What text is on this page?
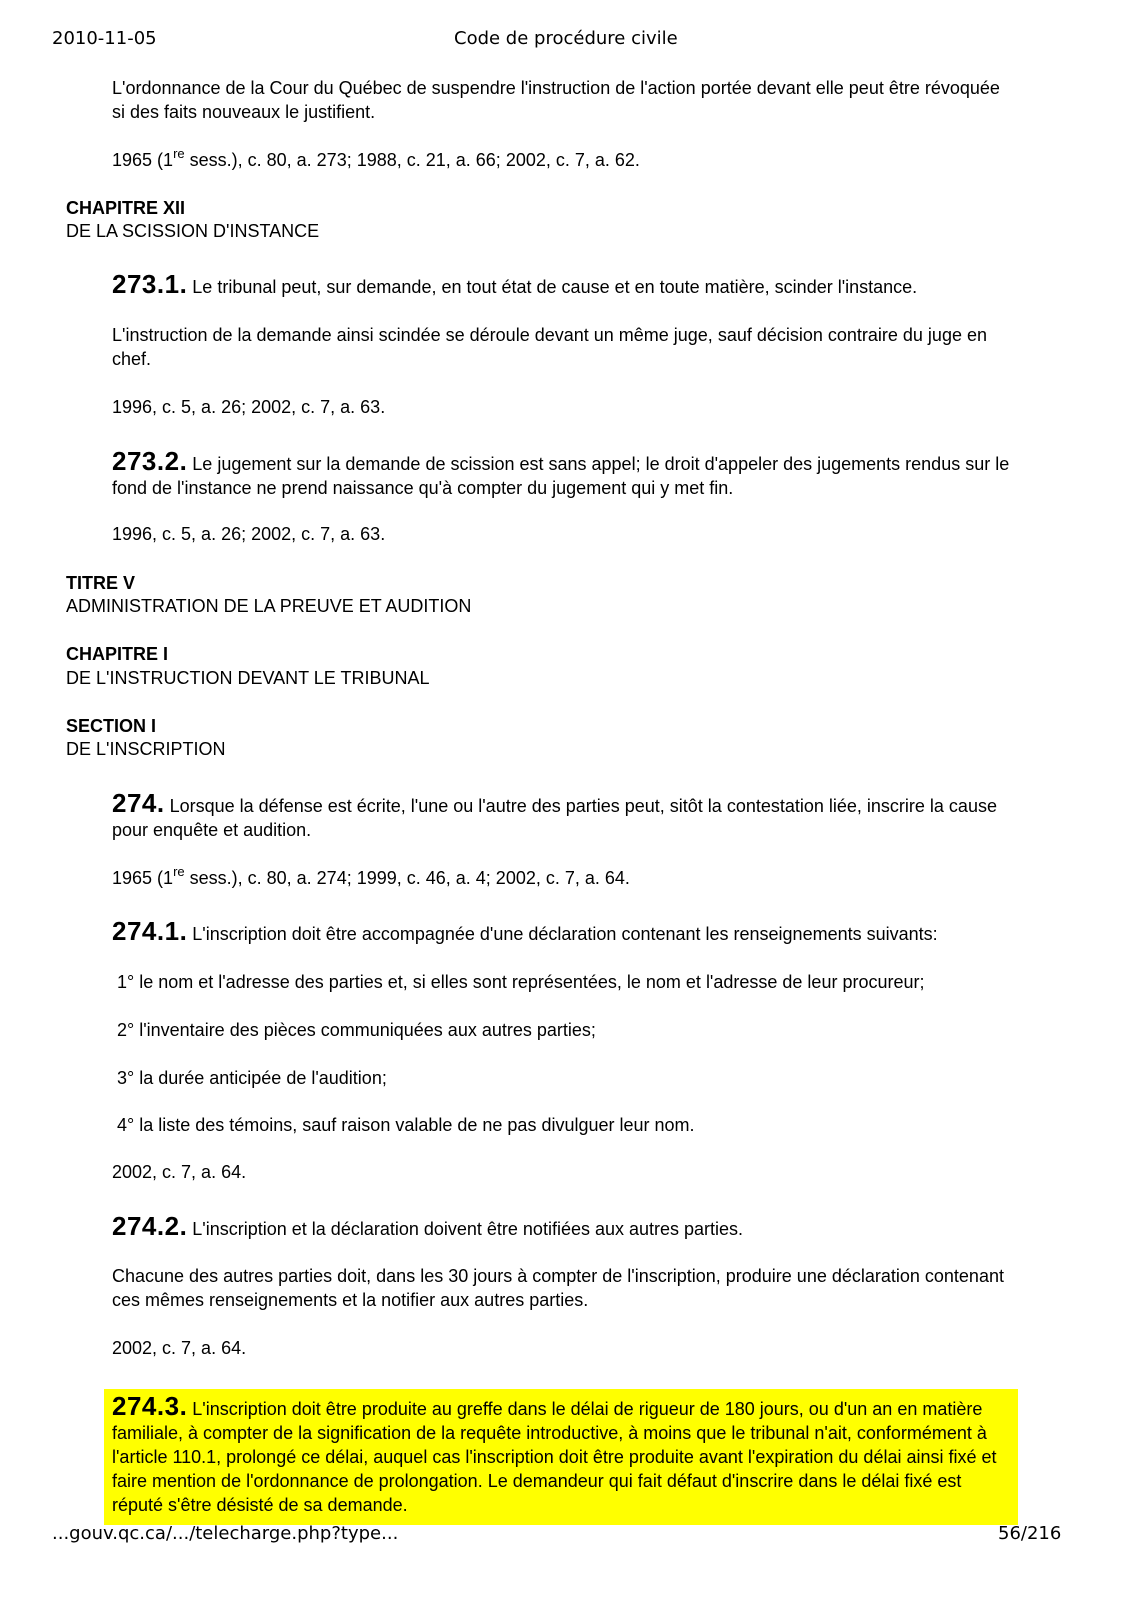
2010-11-05	Code de procédure civile
L'ordonnance de la Cour du Québec de suspendre l'instruction de l'action portée devant elle peut être révoquée si des faits nouveaux le justifient.
1965 (1re sess.), c. 80, a. 273; 1988, c. 21, a. 66; 2002, c. 7, a. 62.
CHAPITRE XII
DE LA SCISSION D'INSTANCE
273.1. Le tribunal peut, sur demande, en tout état de cause et en toute matière, scinder l'instance.
L'instruction de la demande ainsi scindée se déroule devant un même juge, sauf décision contraire du juge en chef.
1996, c. 5, a. 26; 2002, c. 7, a. 63.
273.2. Le jugement sur la demande de scission est sans appel; le droit d'appeler des jugements rendus sur le fond de l'instance ne prend naissance qu'à compter du jugement qui y met fin.
1996, c. 5, a. 26; 2002, c. 7, a. 63.
TITRE V
ADMINISTRATION DE LA PREUVE ET AUDITION
CHAPITRE I
DE L'INSTRUCTION DEVANT LE TRIBUNAL
SECTION I
DE L'INSCRIPTION
274. Lorsque la défense est écrite, l'une ou l'autre des parties peut, sitôt la contestation liée, inscrire la cause pour enquête et audition.
1965 (1re sess.), c. 80, a. 274; 1999, c. 46, a. 4; 2002, c. 7, a. 64.
274.1. L'inscription doit être accompagnée d'une déclaration contenant les renseignements suivants:
1° le nom et l'adresse des parties et, si elles sont représentées, le nom et l'adresse de leur procureur;
2° l'inventaire des pièces communiquées aux autres parties;
3° la durée anticipée de l'audition;
4° la liste des témoins, sauf raison valable de ne pas divulguer leur nom.
2002, c. 7, a. 64.
274.2. L'inscription et la déclaration doivent être notifiées aux autres parties.
Chacune des autres parties doit, dans les 30 jours à compter de l'inscription, produire une déclaration contenant ces mêmes renseignements et la notifier aux autres parties.
2002, c. 7, a. 64.
274.3. L'inscription doit être produite au greffe dans le délai de rigueur de 180 jours, ou d'un an en matière familiale, à compter de la signification de la requête introductive, à moins que le tribunal n'ait, conformément à l'article 110.1, prolongé ce délai, auquel cas l'inscription doit être produite avant l'expiration du délai ainsi fixé et faire mention de l'ordonnance de prolongation. Le demandeur qui fait défaut d'inscrire dans le délai fixé est réputé s'être désisté de sa demande.
...gouv.qc.ca/.../telecharge.php?type...	56/216
